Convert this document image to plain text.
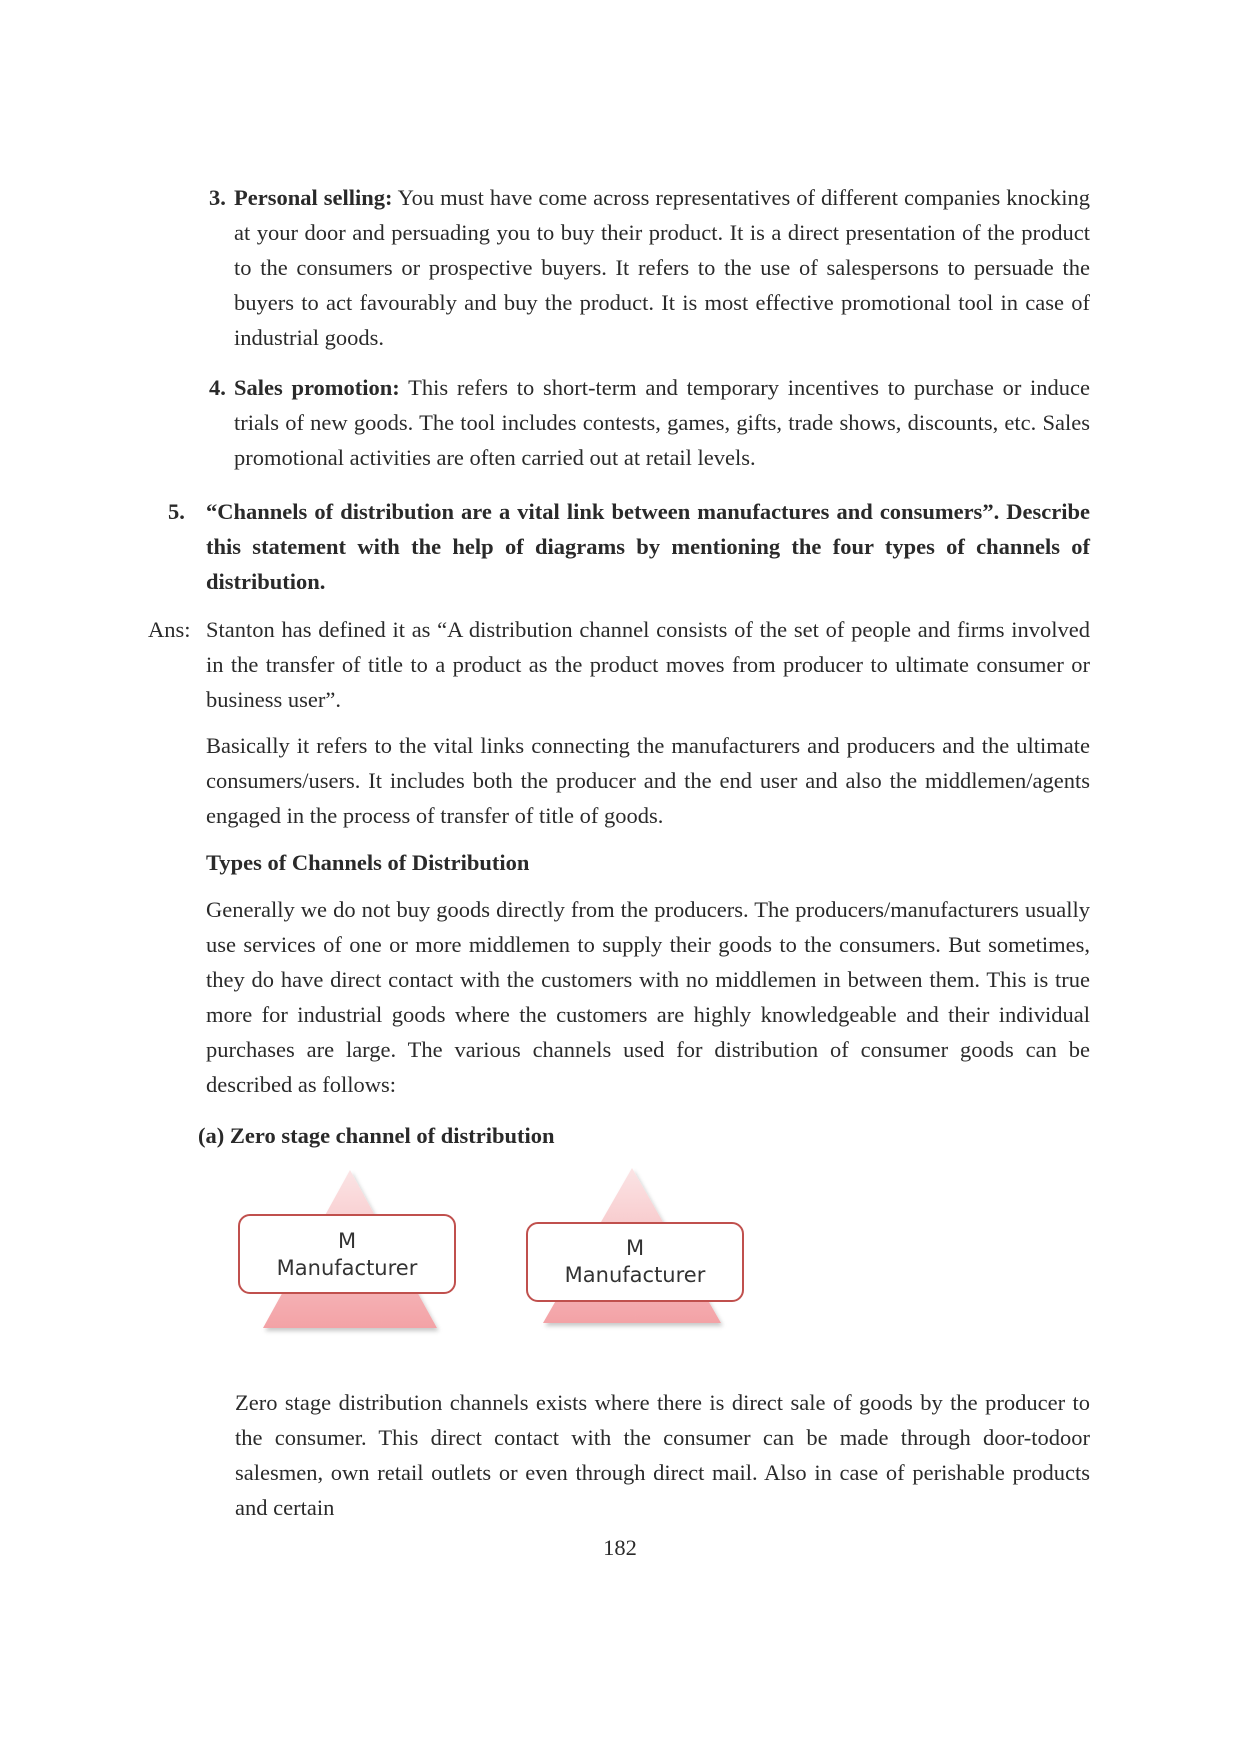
3. Personal selling: You must have come across representatives of different companies knocking at your door and persuading you to buy their product. It is a direct presentation of the product to the consumers or prospective buyers. It refers to the use of salespersons to persuade the buyers to act favourably and buy the product. It is most effective promotional tool in case of industrial goods.

4. Sales promotion: This refers to short-term and temporary incentives to purchase or induce trials of new goods. The tool includes contests, games, gifts, trade shows, discounts, etc. Sales promotional activities are often carried out at retail levels.

5. “Channels of distribution are a vital link between manufactures and consumers”. Describe this statement with the help of diagrams by mentioning the four types of channels of distribution.

Ans: Stanton has defined it as “A distribution channel consists of the set of people and firms involved in the transfer of title to a product as the product moves from producer to ultimate consumer or business user”.

Basically it refers to the vital links connecting the manufacturers and producers and the ultimate consumers/users. It includes both the producer and the end user and also the middlemen/agents engaged in the process of transfer of title of goods.

Types of Channels of Distribution

Generally we do not buy goods directly from the producers. The producers/manufacturers usually use services of one or more middlemen to supply their goods to the consumers. But sometimes, they do have direct contact with the customers with no middlemen in between them. This is true more for industrial goods where the customers are highly knowledgeable and their individual purchases are large. The various channels used for distribution of consumer goods can be described as follows:

(a) Zero stage channel of distribution
M
Manufacturer
M
Manufacturer

Zero stage distribution channels exists where there is direct sale of goods by the producer to the consumer. This direct contact with the consumer can be made through door-todoor salesmen, own retail outlets or even through direct mail. Also in case of perishable products and certain

182
